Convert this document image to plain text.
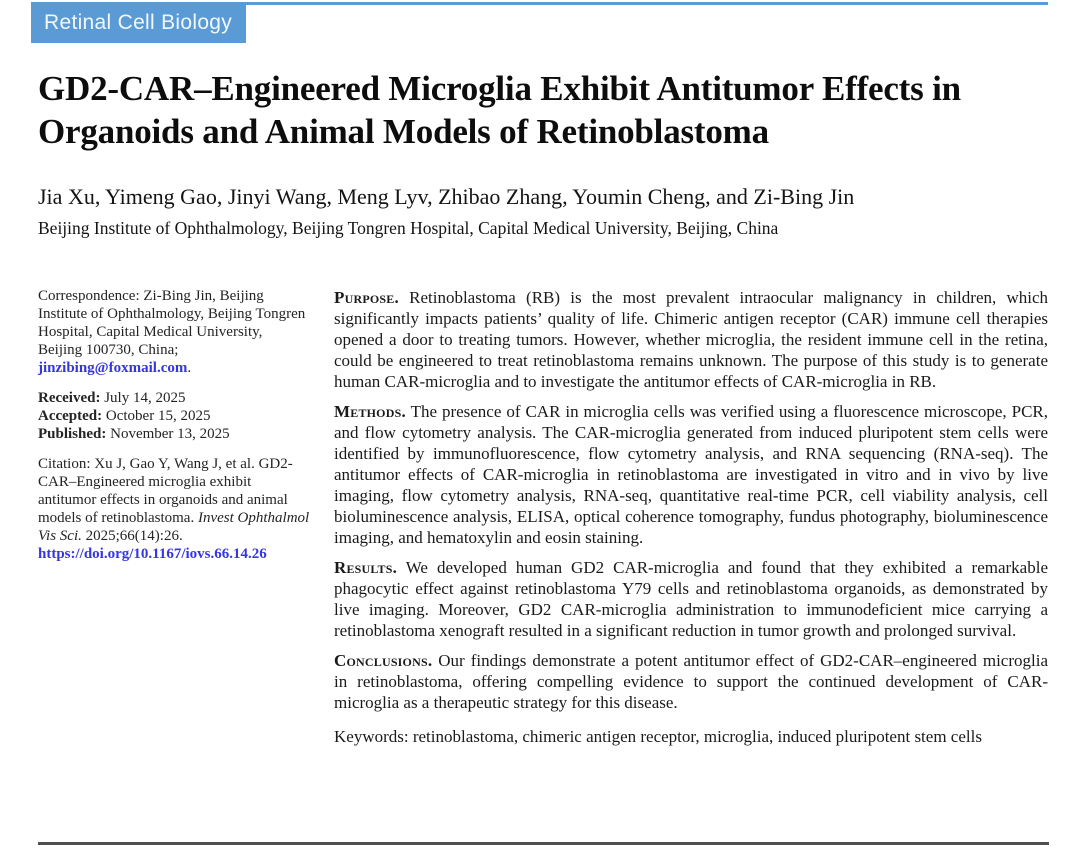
Retinal Cell Biology
GD2-CAR–Engineered Microglia Exhibit Antitumor Effects in Organoids and Animal Models of Retinoblastoma
Jia Xu, Yimeng Gao, Jinyi Wang, Meng Lyv, Zhibao Zhang, Youmin Cheng, and Zi-Bing Jin
Beijing Institute of Ophthalmology, Beijing Tongren Hospital, Capital Medical University, Beijing, China

Correspondence: Zi-Bing Jin, Beijing Institute of Ophthalmology, Beijing Tongren Hospital, Capital Medical University, Beijing 100730, China; jinzibing@foxmail.com.

Received: July 14, 2025
Accepted: October 15, 2025
Published: November 13, 2025

Citation: Xu J, Gao Y, Wang J, et al. GD2-CAR–Engineered microglia exhibit antitumor effects in organoids and animal models of retinoblastoma. Invest Ophthalmol Vis Sci. 2025;66(14):26. https://doi.org/10.1167/iovs.66.14.26

Purpose. Retinoblastoma (RB) is the most prevalent intraocular malignancy in children, which significantly impacts patients’ quality of life. Chimeric antigen receptor (CAR) immune cell therapies opened a door to treating tumors. However, whether microglia, the resident immune cell in the retina, could be engineered to treat retinoblastoma remains unknown. The purpose of this study is to generate human CAR-microglia and to investigate the antitumor effects of CAR-microglia in RB.

Methods. The presence of CAR in microglia cells was verified using a fluorescence microscope, PCR, and flow cytometry analysis. The CAR-microglia generated from induced pluripotent stem cells were identified by immunofluorescence, flow cytometry analysis, and RNA sequencing (RNA-seq). The antitumor effects of CAR-microglia in retinoblastoma are investigated in vitro and in vivo by live imaging, flow cytometry analysis, RNA-seq, quantitative real-time PCR, cell viability analysis, cell bioluminescence analysis, ELISA, optical coherence tomography, fundus photography, bioluminescence imaging, and hematoxylin and eosin staining.

Results. We developed human GD2 CAR-microglia and found that they exhibited a remarkable phagocytic effect against retinoblastoma Y79 cells and retinoblastoma organoids, as demonstrated by live imaging. Moreover, GD2 CAR-microglia administration to immunodeficient mice carrying a retinoblastoma xenograft resulted in a significant reduction in tumor growth and prolonged survival.

Conclusions. Our findings demonstrate a potent antitumor effect of GD2-CAR–engineered microglia in retinoblastoma, offering compelling evidence to support the continued development of CAR-microglia as a therapeutic strategy for this disease.

Keywords: retinoblastoma, chimeric antigen receptor, microglia, induced pluripotent stem cells
